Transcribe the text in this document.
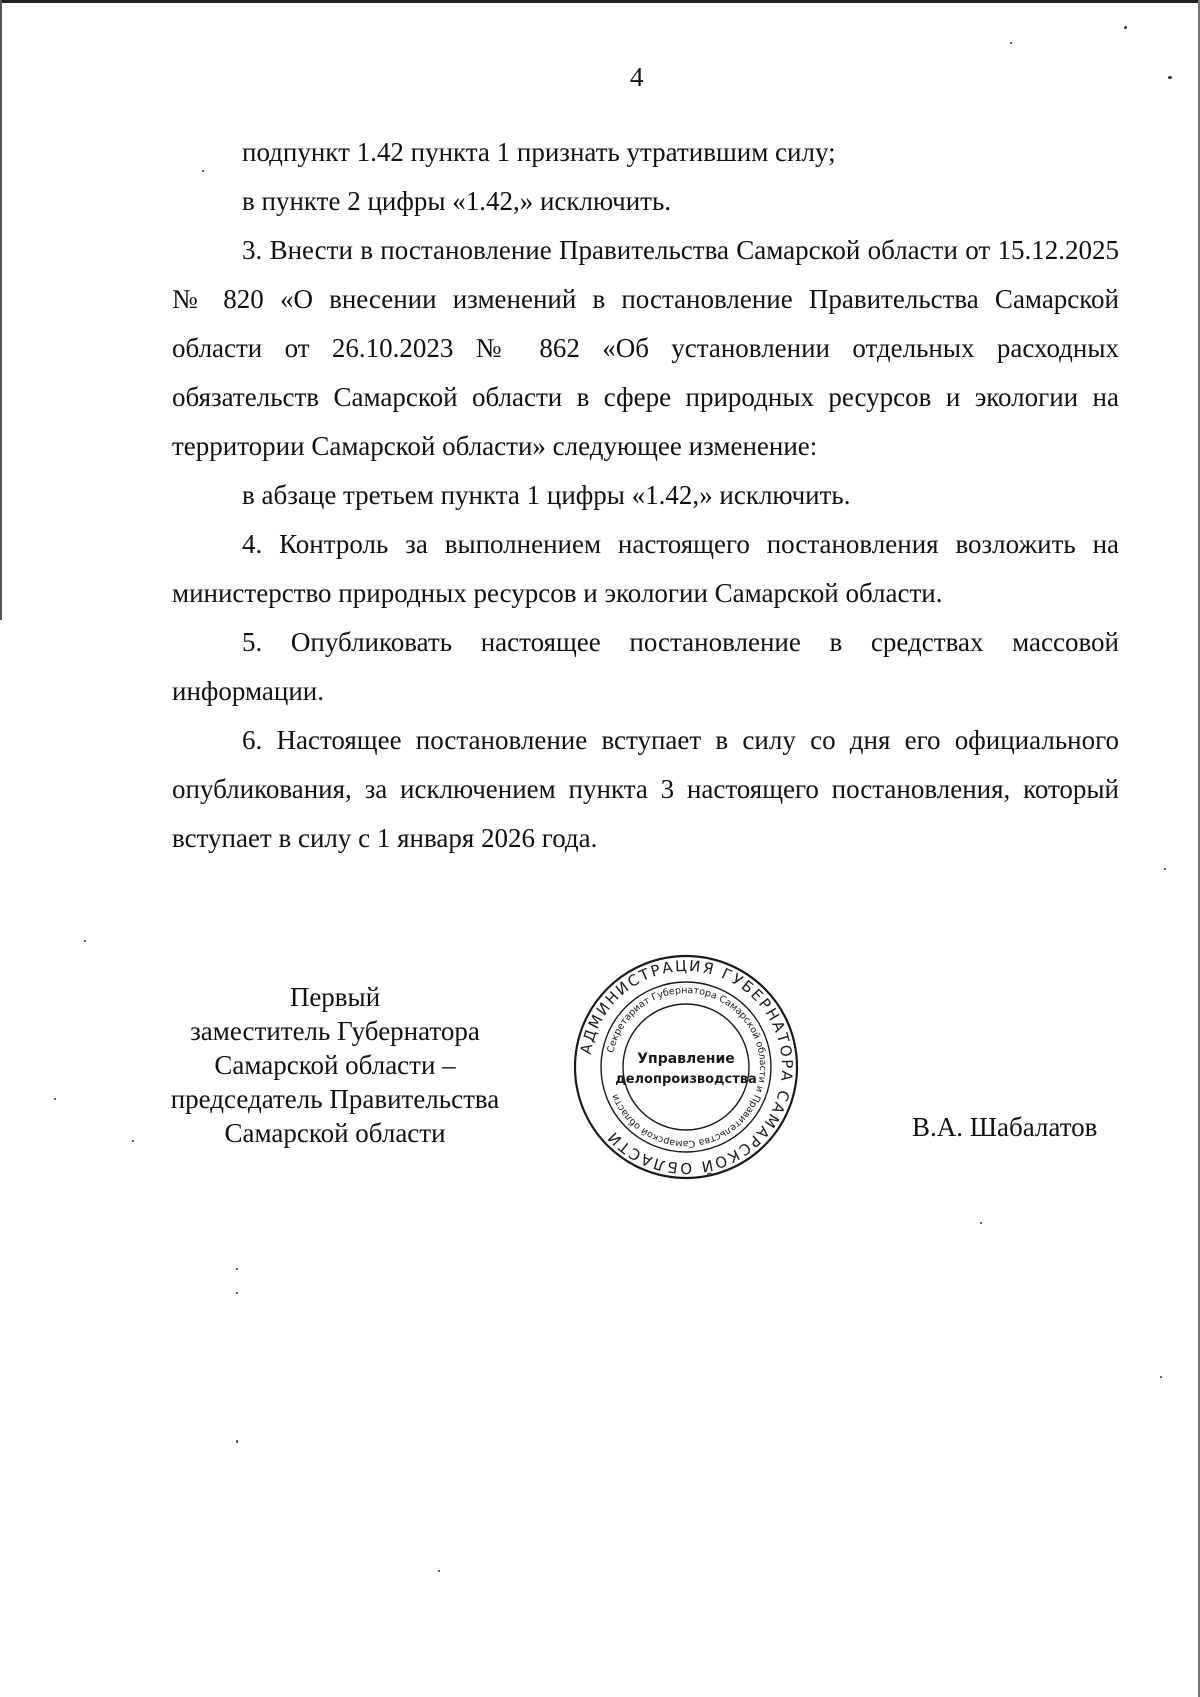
4

подпункт 1.42 пункта 1 признать утратившим силу;

в пункте 2 цифры «1.42,» исключить.

3. Внести в постановление Правительства Самарской области от 15.12.2025 № 820 «О внесении изменений в постановление Правительства Самарской области от 26.10.2023 № 862 «Об установлении отдельных расходных обязательств Самарской области в сфере природных ресурсов и экологии на территории Самарской области» следующее изменение:

в абзаце третьем пункта 1 цифры «1.42,» исключить.

4. Контроль за выполнением настоящего постановления возложить на министерство природных ресурсов и экологии Самарской области.

5. Опубликовать настоящее постановление в средствах массовой информации.

6. Настоящее постановление вступает в силу со дня его официального опубликования, за исключением пункта 3 настоящего постановления, который вступает в силу с 1 января 2026 года.

Первый
заместитель Губернатора
Самарской области –
председатель Правительства
Самарской области
АДМИНИСТРАЦИЯ ГУБЕРНАТОРА САМАРСКОЙ ОБЛАСТИ
Секретариат Губернатора Самарской области и Правительства Самарской области
Управление
делопроизводства
В.А. Шабалатов
